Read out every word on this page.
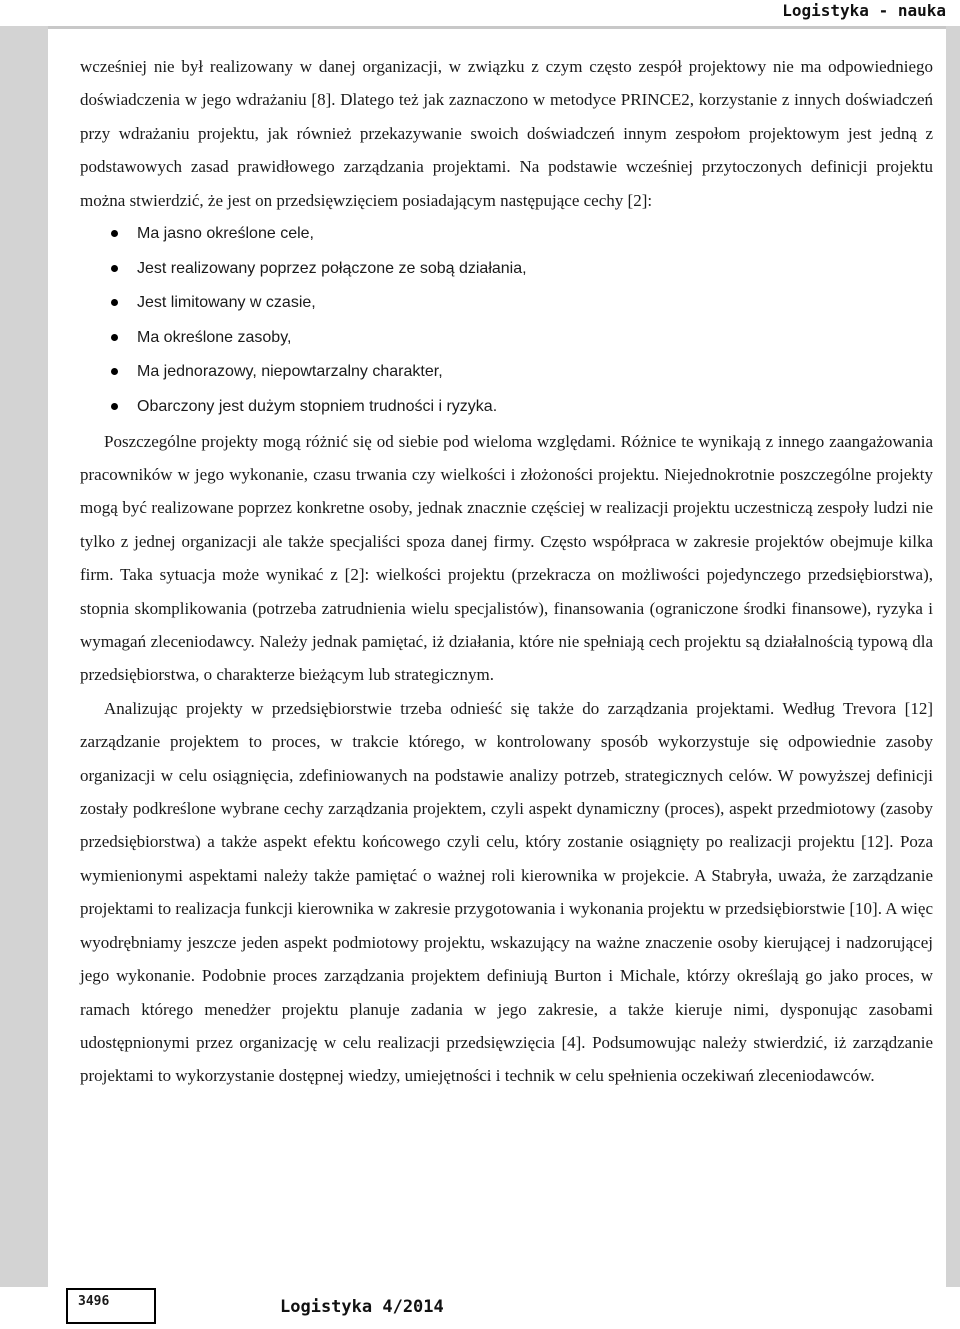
Logistyka - nauka

wcześniej nie był realizowany w danej organizacji, w związku z czym często zespół projektowy nie ma odpowiedniego doświadczenia w jego wdrażaniu [8]. Dlatego też jak zaznaczono w metodyce PRINCE2, korzystanie z innych doświadczeń przy wdrażaniu projektu, jak również przekazywanie swoich doświadczeń innym zespołom projektowym jest jedną z podstawowych zasad prawidłowego zarządzania projektami. Na podstawie wcześniej przytoczonych definicji projektu można stwierdzić, że jest on przedsięwzięciem posiadającym następujące cechy [2]:

Ma jasno określone cele,
Jest realizowany poprzez połączone ze sobą działania,
Jest limitowany w czasie,
Ma określone zasoby,
Ma jednorazowy, niepowtarzalny charakter,
Obarczony jest dużym stopniem trudności i ryzyka.

Poszczególne projekty mogą różnić się od siebie pod wieloma względami. Różnice te wynikają z innego zaangażowania pracowników w jego wykonanie, czasu trwania czy wielkości i złożoności projektu. Niejednokrotnie poszczególne projekty mogą być realizowane poprzez konkretne osoby, jednak znacznie częściej w realizacji projektu uczestniczą zespoły ludzi nie tylko z jednej organizacji ale także specjaliści spoza danej firmy. Często współpraca w zakresie projektów obejmuje kilka firm. Taka sytuacja może wynikać z [2]: wielkości projektu (przekracza on możliwości pojedynczego przedsiębiorstwa), stopnia skomplikowania (potrzeba zatrudnienia wielu specjalistów), finansowania (ograniczone środki finansowe), ryzyka i wymagań zleceniodawcy. Należy jednak pamiętać, iż działania, które nie spełniają cech projektu są działalnością typową dla przedsiębiorstwa, o charakterze bieżącym lub strategicznym.

Analizując projekty w przedsiębiorstwie trzeba odnieść się także do zarządzania projektami. Według Trevora [12] zarządzanie projektem to proces, w trakcie którego, w kontrolowany sposób wykorzystuje się odpowiednie zasoby organizacji w celu osiągnięcia, zdefiniowanych na podstawie analizy potrzeb, strategicznych celów. W powyższej definicji zostały podkreślone wybrane cechy zarządzania projektem, czyli aspekt dynamiczny (proces), aspekt przedmiotowy (zasoby przedsiębiorstwa) a także aspekt efektu końcowego czyli celu, który zostanie osiągnięty po realizacji projektu [12]. Poza wymienionymi aspektami należy także pamiętać o ważnej roli kierownika w projekcie. A Stabryła, uważa, że zarządzanie projektami to realizacja funkcji kierownika w zakresie przygotowania i wykonania projektu w przedsiębiorstwie [10]. A więc wyodrębniamy jeszcze jeden aspekt podmiotowy projektu, wskazujący na ważne znaczenie osoby kierującej i nadzorującej jego wykonanie. Podobnie proces zarządzania projektem definiują Burton i Michale, którzy określają go jako proces, w ramach którego menedżer projektu planuje zadania w jego zakresie, a także kieruje nimi, dysponując zasobami udostępnionymi przez organizację w celu realizacji przedsięwzięcia [4]. Podsumowując należy stwierdzić, iż zarządzanie projektami to wykorzystanie dostępnej wiedzy, umiejętności i technik w celu spełnienia oczekiwań zleceniodawców.

3496	Logistyka 4/2014
